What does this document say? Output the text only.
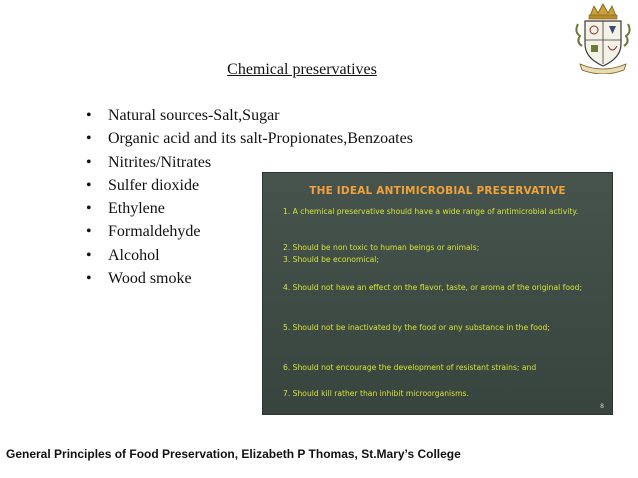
Chemical preservatives
• Natural sources-Salt,Sugar
• Organic acid and its salt-Propionates,Benzoates
• Nitrites/Nitrates
• Sulfer dioxide
• Ethylene
• Formaldehyde
• Alcohol
• Wood smoke
THE IDEAL ANTIMICROBIAL PRESERVATIVE
1. A chemical preservative should have a wide range of antimicrobial activity.
2. Should be non toxic to human beings or animals;
3. Should be economical;
4. Should not have an effect on the flavor, taste, or aroma of the original food;
5. Should not be inactivated by the food or any substance in the food;
6. Should not encourage the development of resistant strains; and
7. Should kill rather than inhibit microorganisms.
8
General Principles of Food Preservation, Elizabeth P Thomas, St.Mary’s College
